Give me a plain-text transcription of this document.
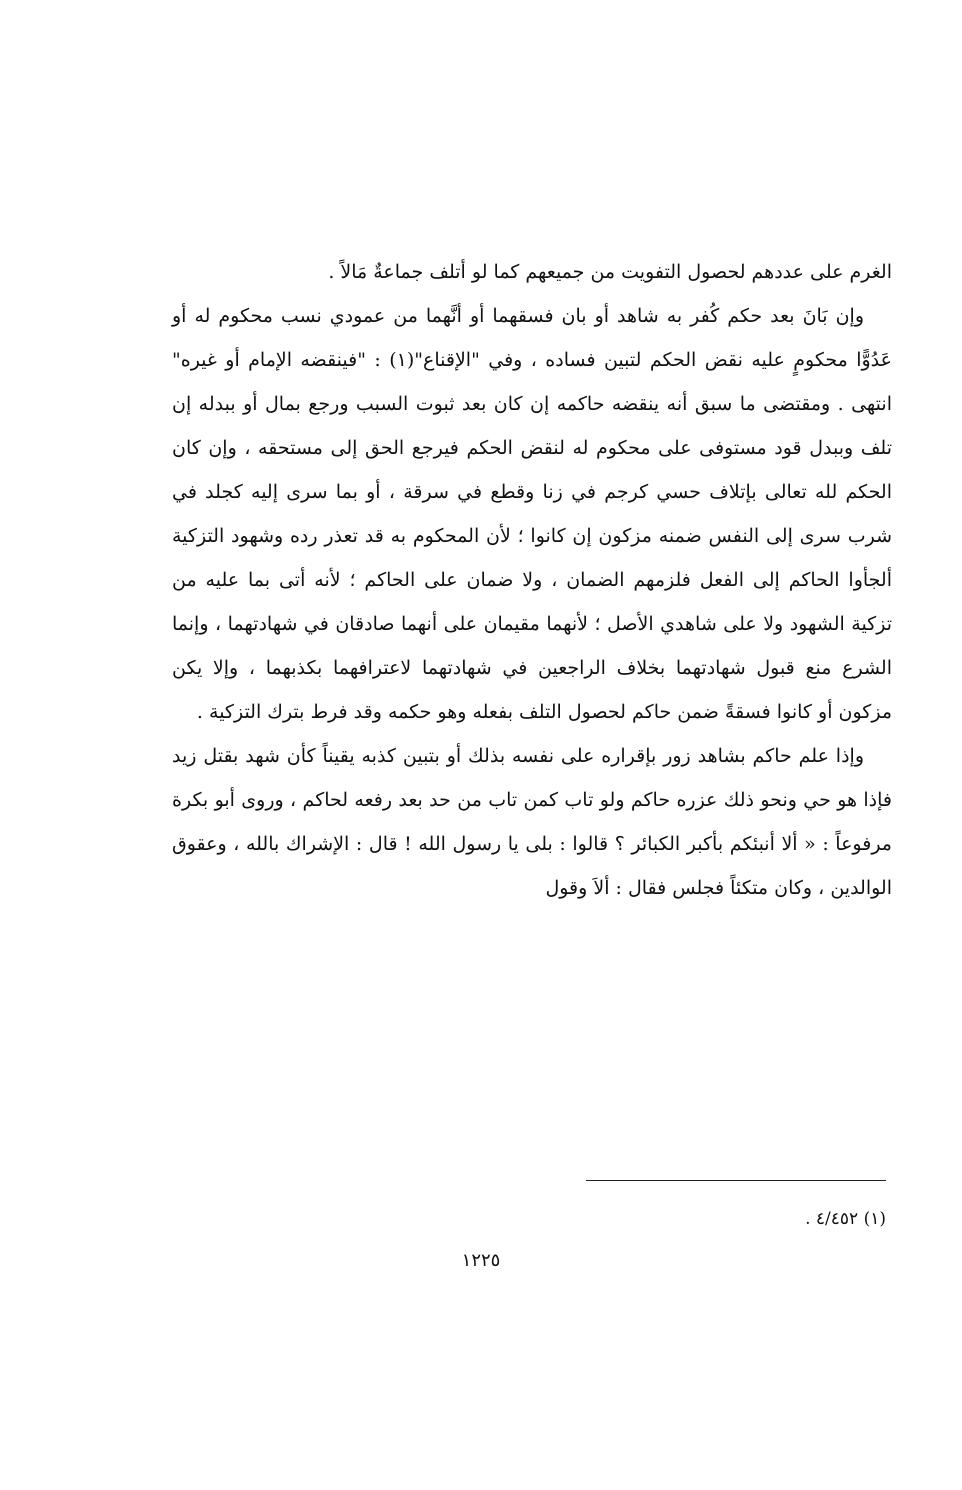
الغرم على عددهم لحصول التفويت من جميعهم كما لو أتلف جماعةٌ مَالاً .

وإن بَانَ بعد حكم كُفر به شاهد أو بان فسقهما أو أنَّهما من عمودي نسب محكوم له أو عَدُوًّا محكومٍ عليه نقض الحكم لتبين فساده ، وفي "الإقناع"(١) : "فينقضه الإمام أو غيره" انتهى . ومقتضى ما سبق أنه ينقضه حاكمه إن كان بعد ثبوت السبب ورجع بمال أو ببدله إن تلف وببدل قود مستوفى على محكوم له لنقض الحكم فيرجع الحق إلى مستحقه ، وإن كان الحكم لله تعالى بإتلاف حسي كرجم في زنا وقطع في سرقة ، أو بما سرى إليه كجلد في شرب سرى إلى النفس ضمنه مزكون إن كانوا ؛ لأن المحكوم به قد تعذر رده وشهود التزكية ألجأوا الحاكم إلى الفعل فلزمهم الضمان ، ولا ضمان على الحاكم ؛ لأنه أتى بما عليه من تزكية الشهود ولا على شاهدي الأصل ؛ لأنهما مقيمان على أنهما صادقان في شهادتهما ، وإنما الشرع منع قبول شهادتهما بخلاف الراجعين في شهادتهما لاعترافهما بكذبهما ، وإلا يكن مزكون أو كانوا فسقةً ضمن حاكم لحصول التلف بفعله وهو حكمه وقد فرط بترك التزكية .

وإذا علم حاكم بشاهد زور بإقراره على نفسه بذلك أو بتبين كذبه يقيناً كأن شهد بقتل زيد فإذا هو حي ونحو ذلك عزره حاكم ولو تاب كمن تاب من حد بعد رفعه لحاكم ، وروى أبو بكرة مرفوعاً : « ألا أنبئكم بأكبر الكبائر ؟ قالوا : بلى يا رسول الله ! قال : الإشراك بالله ، وعقوق الوالدين ، وكان متكئاً فجلس فقال : ألاَ وقول

(١) ٤/٤٥٢ .
١٢٢٥
